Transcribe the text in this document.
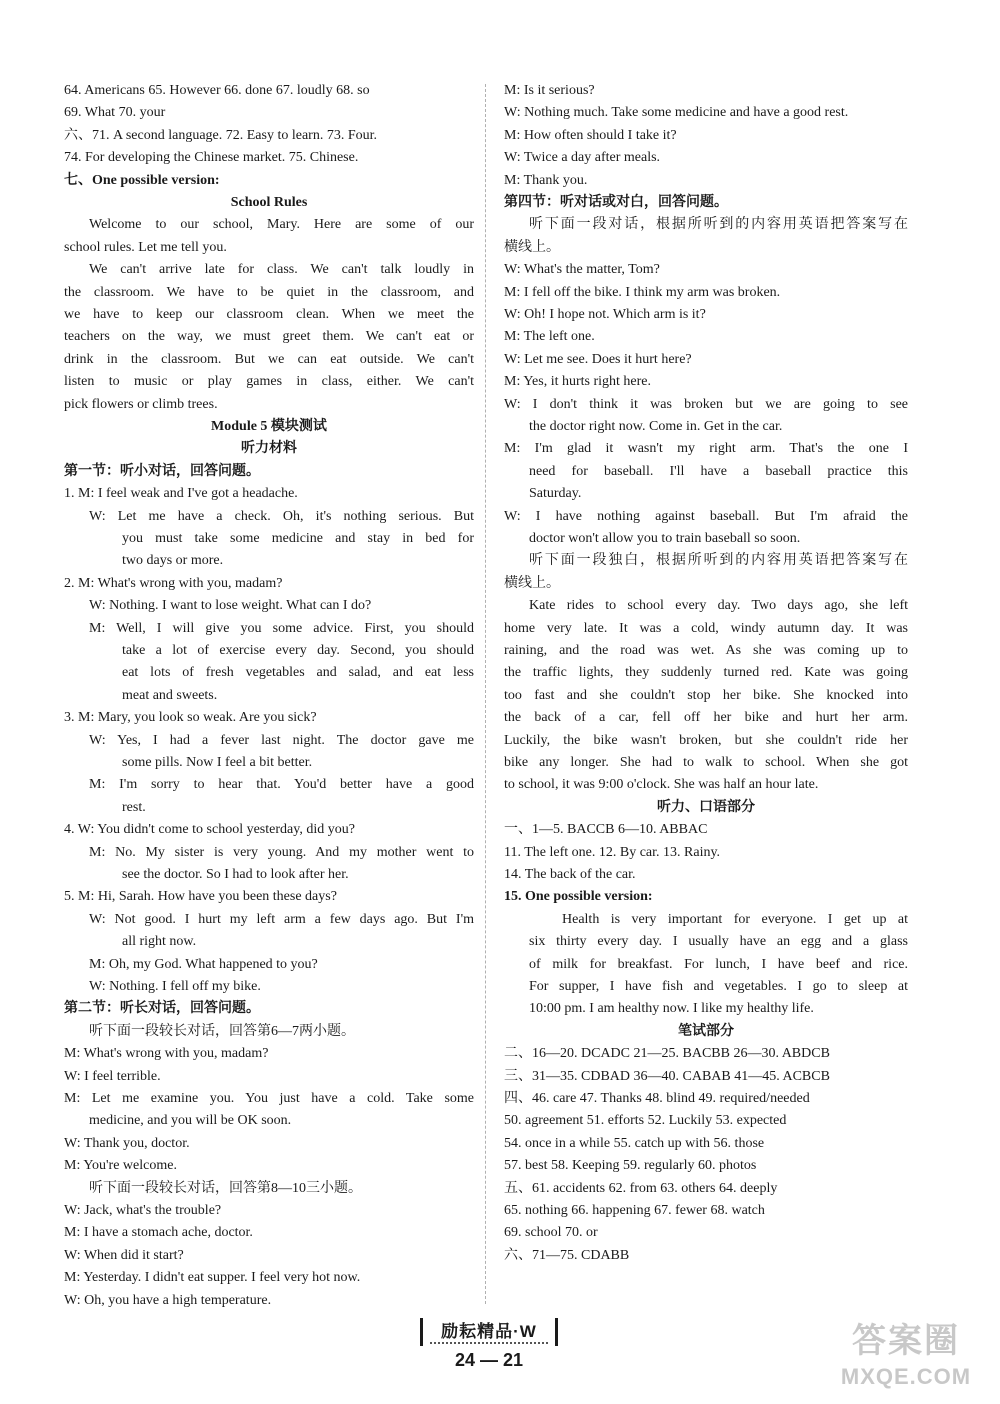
64. Americans 65. However 66. done 67. loudly 68. so
69. What 70. your
六、71. A second language. 72. Easy to learn. 73. Four.
74. For developing the Chinese market. 75. Chinese.
七、One possible version:
School Rules
Welcome to our school, Mary. Here are some of our
school rules. Let me tell you.
We can't arrive late for class. We can't talk loudly in
the classroom. We have to be quiet in the classroom, and
we have to keep our classroom clean. When we meet the
teachers on the way, we must greet them. We can't eat or
drink in the classroom. But we can eat outside. We can't
listen to music or play games in class, either. We can't
pick flowers or climb trees.
Module 5 模块测试
听力材料
第一节：听小对话，回答问题。
1. M: I feel weak and I've got a headache.
W: Let me have a check. Oh, it's nothing serious. But
you must take some medicine and stay in bed for
two days or more.
2. M: What's wrong with you, madam?
W: Nothing. I want to lose weight. What can I do?
M: Well, I will give you some advice. First, you should
take a lot of exercise every day. Second, you should
eat lots of fresh vegetables and salad, and eat less
meat and sweets.
3. M: Mary, you look so weak. Are you sick?
W: Yes, I had a fever last night. The doctor gave me
some pills. Now I feel a bit better.
M: I'm sorry to hear that. You'd better have a good
rest.
4. W: You didn't come to school yesterday, did you?
M: No. My sister is very young. And my mother went to
see the doctor. So I had to look after her.
5. M: Hi, Sarah. How have you been these days?
W: Not good. I hurt my left arm a few days ago. But I'm
all right now.
M: Oh, my God. What happened to you?
W: Nothing. I fell off my bike.
第二节：听长对话，回答问题。
听下面一段较长对话，回答第6—7两小题。
M: What's wrong with you, madam?
W: I feel terrible.
M: Let me examine you. You just have a cold. Take some
medicine, and you will be OK soon.
W: Thank you, doctor.
M: You're welcome.
听下面一段较长对话，回答第8—10三小题。
W: Jack, what's the trouble?
M: I have a stomach ache, doctor.
W: When did it start?
M: Yesterday. I didn't eat supper. I feel very hot now.
W: Oh, you have a high temperature.
M: Is it serious?
W: Nothing much. Take some medicine and have a good rest.
M: How often should I take it?
W: Twice a day after meals.
M: Thank you.
第四节：听对话或对白，回答问题。
听下面一段对话，根据所听到的内容用英语把答案写在
横线上。
W: What's the matter, Tom?
M: I fell off the bike. I think my arm was broken.
W: Oh! I hope not. Which arm is it?
M: The left one.
W: Let me see. Does it hurt here?
M: Yes, it hurts right here.
W: I don't think it was broken but we are going to see
the doctor right now. Come in. Get in the car.
M: I'm glad it wasn't my right arm. That's the one I
need for baseball. I'll have a baseball practice this
Saturday.
W: I have nothing against baseball. But I'm afraid the
doctor won't allow you to train baseball so soon.
听下面一段独白，根据所听到的内容用英语把答案写在
横线上。
Kate rides to school every day. Two days ago, she left
home very late. It was a cold, windy autumn day. It was
raining, and the road was wet. As she was coming up to
the traffic lights, they suddenly turned red. Kate was going
too fast and she couldn't stop her bike. She knocked into
the back of a car, fell off her bike and hurt her arm.
Luckily, the bike wasn't broken, but she couldn't ride her
bike any longer. She had to walk to school. When she got
to school, it was 9:00 o'clock. She was half an hour late.
听力、口语部分
一、1—5. BACCB 6—10. ABBAC
11. The left one. 12. By car. 13. Rainy.
14. The back of the car.
15. One possible version:
Health is very important for everyone. I get up at
six thirty every day. I usually have an egg and a glass
of milk for breakfast. For lunch, I have beef and rice.
For supper, I have fish and vegetables. I go to sleep at
10:00 pm. I am healthy now. I like my healthy life.
笔试部分
二、16—20. DCADC 21—25. BACBB 26—30. ABDCB
三、31—35. CDBAD 36—40. CABAB 41—45. ACBCB
四、46. care 47. Thanks 48. blind 49. required/needed
50. agreement 51. efforts 52. Luckily 53. expected
54. once in a while 55. catch up with 56. those
57. best 58. Keeping 59. regularly 60. photos
五、61. accidents 62. from 63. others 64. deeply
65. nothing 66. happening 67. fewer 68. watch
69. school 70. or
六、71—75. CDABB
励耘精品·W
24 — 21	答案圈
MXQE.COM
